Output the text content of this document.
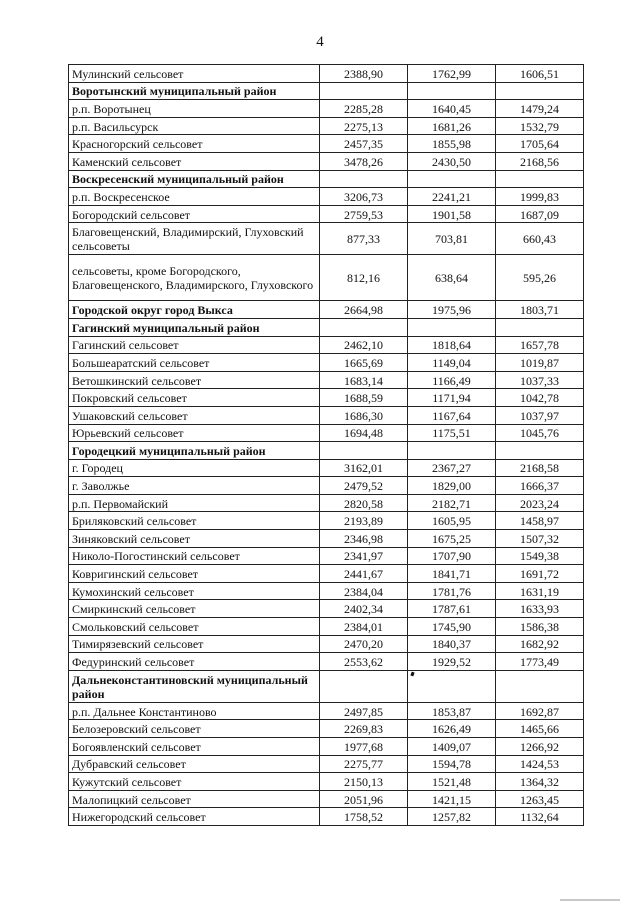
4
Мулинский сельсовет	2388,90	1762,99	1606,51
Воротынский муниципальный район			
р.п. Воротынец	2285,28	1640,45	1479,24
р.п. Васильсурск	2275,13	1681,26	1532,79
Красногорский сельсовет	2457,35	1855,98	1705,64
Каменский сельсовет	3478,26	2430,50	2168,56
Воскресенский муниципальный район			
р.п. Воскресенское	3206,73	2241,21	1999,83
Богородский сельсовет	2759,53	1901,58	1687,09
Благовещенский, Владимирский, Глуховский сельсоветы	877,33	703,81	660,43
сельсоветы, кроме Богородского, Благовещенского, Владимирского, Глуховского	812,16	638,64	595,26
Городской округ город Выкса	2664,98	1975,96	1803,71
Гагинский муниципальный район			
Гагинский сельсовет	2462,10	1818,64	1657,78
Большеаратский сельсовет	1665,69	1149,04	1019,87
Ветошкинский сельсовет	1683,14	1166,49	1037,33
Покровский сельсовет	1688,59	1171,94	1042,78
Ушаковский сельсовет	1686,30	1167,64	1037,97
Юрьевский сельсовет	1694,48	1175,51	1045,76
Городецкий муниципальный район			
г. Городец	3162,01	2367,27	2168,58
г. Заволжье	2479,52	1829,00	1666,37
р.п. Первомайский	2820,58	2182,71	2023,24
Бриляковский сельсовет	2193,89	1605,95	1458,97
Зиняковский сельсовет	2346,98	1675,25	1507,32
Николо-Погостинский сельсовет	2341,97	1707,90	1549,38
Ковригинский сельсовет	2441,67	1841,71	1691,72
Кумохинский сельсовет	2384,04	1781,76	1631,19
Смиркинский сельсовет	2402,34	1787,61	1633,93
Смольковский сельсовет	2384,01	1745,90	1586,38
Тимирязевский сельсовет	2470,20	1840,37	1682,92
Федуринский сельсовет	2553,62	1929,52	1773,49
Дальнеконстантиновский муниципальный район			
р.п. Дальнее Константиново	2497,85	1853,87	1692,87
Белозеровский сельсовет	2269,83	1626,49	1465,66
Богоявленский сельсовет	1977,68	1409,07	1266,92
Дубравский сельсовет	2275,77	1594,78	1424,53
Кужутский сельсовет	2150,13	1521,48	1364,32
Малопицкий сельсовет	2051,96	1421,15	1263,45
Нижегородский сельсовет	1758,52	1257,82	1132,64
